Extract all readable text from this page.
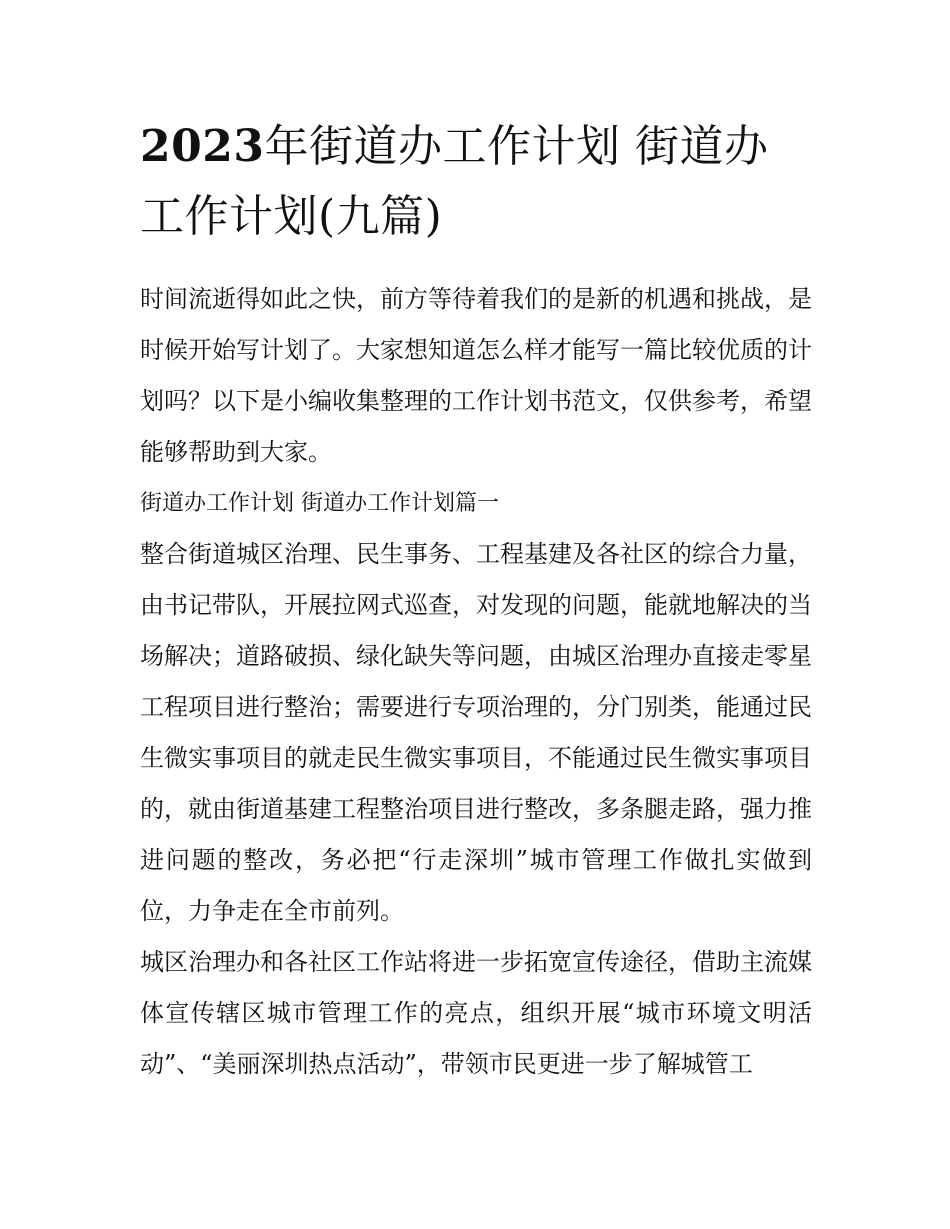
2023年街道办工作计划 街道办工作计划(九篇)

时间流逝得如此之快，前方等待着我们的是新的机遇和挑战，是时候开始写计划了。大家想知道怎么样才能写一篇比较优质的计划吗？以下是小编收集整理的工作计划书范文，仅供参考，希望能够帮助到大家。

街道办工作计划 街道办工作计划篇一

整合街道城区治理、民生事务、工程基建及各社区的综合力量，由书记带队，开展拉网式巡查，对发现的问题，能就地解决的当场解决；道路破损、绿化缺失等问题，由城区治理办直接走零星工程项目进行整治；需要进行专项治理的，分门别类，能通过民生微实事项目的就走民生微实事项目，不能通过民生微实事项目的，就由街道基建工程整治项目进行整改，多条腿走路，强力推进问题的整改，务必把“行走深圳”城市管理工作做扎实做到位，力争走在全市前列。

城区治理办和各社区工作站将进一步拓宽宣传途径，借助主流媒体宣传辖区城市管理工作的亮点，组织开展“城市环境文明活动”、“美丽深圳热点活动”，带领市民更进一步了解城管工
